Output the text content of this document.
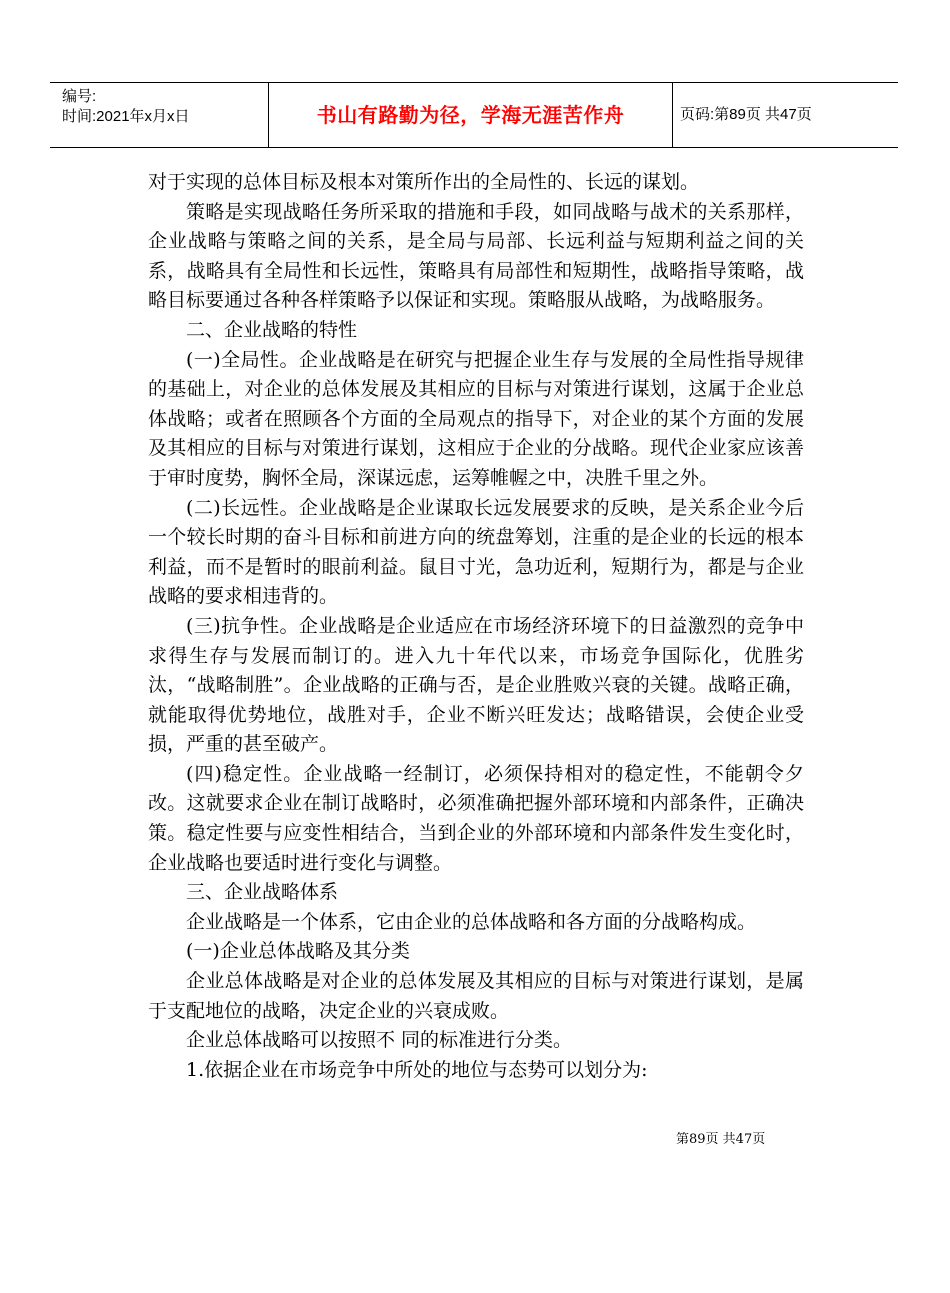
编号:
时间:2021年x月x日	书山有路勤为径，学海无涯苦作舟	页码:第89页 共47页

对于实现的总体目标及根本对策所作出的全局性的、长远的谋划。

策略是实现战略任务所采取的措施和手段，如同战略与战术的关系那样，企业战略与策略之间的关系，是全局与局部、长远利益与短期利益之间的关系，战略具有全局性和长远性，策略具有局部性和短期性，战略指导策略，战略目标要通过各种各样策略予以保证和实现。策略服从战略，为战略服务。

二、企业战略的特性

(一)全局性。企业战略是在研究与把握企业生存与发展的全局性指导规律的基础上，对企业的总体发展及其相应的目标与对策进行谋划，这属于企业总体战略；或者在照顾各个方面的全局观点的指导下，对企业的某个方面的发展及其相应的目标与对策进行谋划，这相应于企业的分战略。现代企业家应该善于审时度势，胸怀全局，深谋远虑，运筹帷幄之中，决胜千里之外。

(二)长远性。企业战略是企业谋取长远发展要求的反映，是关系企业今后一个较长时期的奋斗目标和前进方向的统盘筹划，注重的是企业的长远的根本利益，而不是暂时的眼前利益。鼠目寸光，急功近利，短期行为，都是与企业战略的要求相违背的。

(三)抗争性。企业战略是企业适应在市场经济环境下的日益激烈的竞争中求得生存与发展而制订的。进入九十年代以来，市场竞争国际化，优胜劣汰，“战略制胜”。企业战略的正确与否，是企业胜败兴衰的关键。战略正确，就能取得优势地位，战胜对手，企业不断兴旺发达；战略错误，会使企业受损，严重的甚至破产。

(四)稳定性。企业战略一经制订，必须保持相对的稳定性，不能朝令夕改。这就要求企业在制订战略时，必须准确把握外部环境和内部条件，正确决策。稳定性要与应变性相结合，当到企业的外部环境和内部条件发生变化时，企业战略也要适时进行变化与调整。

三、企业战略体系

企业战略是一个体系，它由企业的总体战略和各方面的分战略构成。

(一)企业总体战略及其分类

企业总体战略是对企业的总体发展及其相应的目标与对策进行谋划，是属于支配地位的战略，决定企业的兴衰成败。

企业总体战略可以按照不 同的标准进行分类。

1.依据企业在市场竞争中所处的地位与态势可以划分为:

第89页 共47页
